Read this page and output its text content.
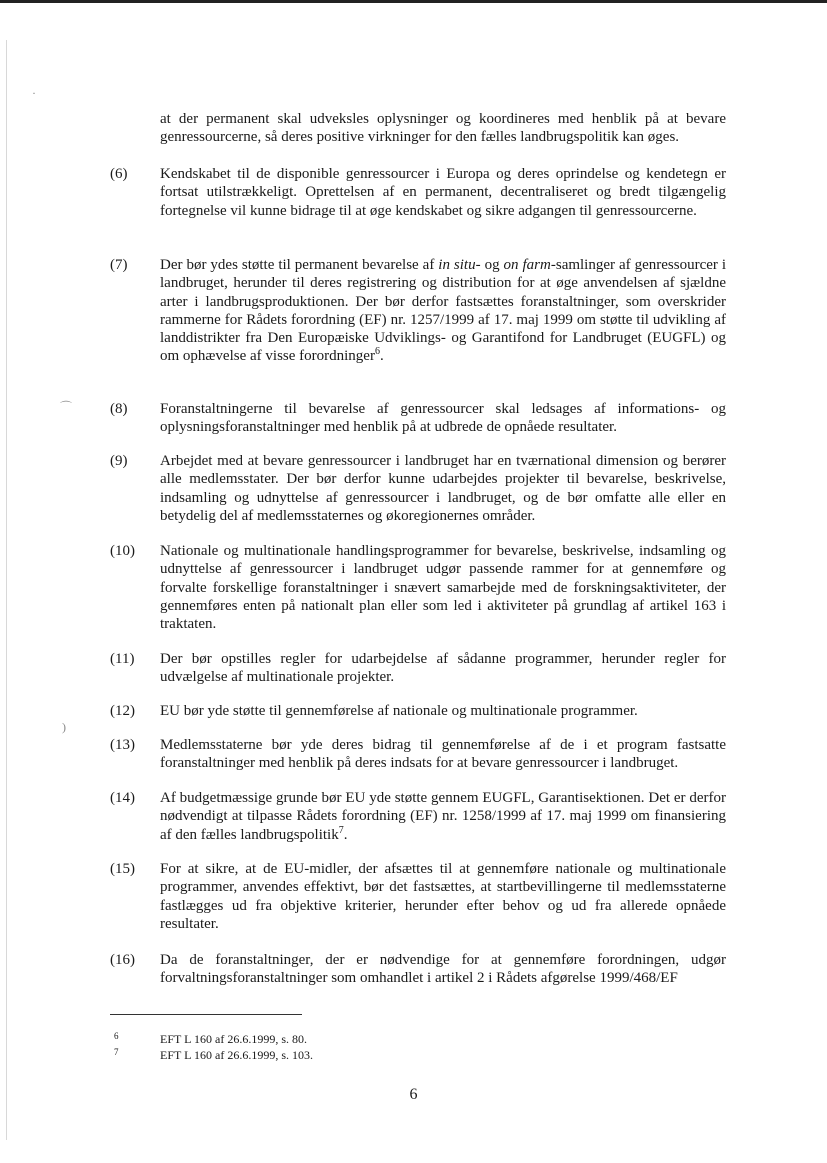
·
⌒
)
at der permanent skal udveksles oplysninger og koordineres med henblik på at bevare genressourcerne, så deres positive virkninger for den fælles landbrugspolitik kan øges.
(6)	Kendskabet til de disponible genressourcer i Europa og deres oprindelse og kendetegn er fortsat utilstrækkeligt. Oprettelsen af en permanent, decentraliseret og bredt tilgængelig fortegnelse vil kunne bidrage til at øge kendskabet og sikre adgangen til genressourcerne.
(7)	Der bør ydes støtte til permanent bevarelse af in situ- og on farm-samlinger af genressourcer i landbruget, herunder til deres registrering og distribution for at øge anvendelsen af sjældne arter i landbrugsproduktionen. Der bør derfor fastsættes foranstaltninger, som overskrider rammerne for Rådets forordning (EF) nr. 1257/1999 af 17. maj 1999 om støtte til udvikling af landdistrikter fra Den Europæiske Udviklings- og Garantifond for Landbruget (EUGFL) og om ophævelse af visse forordninger$^6$.
(8)	Foranstaltningerne til bevarelse af genressourcer skal ledsages af informations- og oplysningsforanstaltninger med henblik på at udbrede de opnåede resultater.
(9)	Arbejdet med at bevare genressourcer i landbruget har en tværnational dimension og berører alle medlemsstater. Der bør derfor kunne udarbejdes projekter til bevarelse, beskrivelse, indsamling og udnyttelse af genressourcer i landbruget, og de bør omfatte alle eller en betydelig del af medlemsstaternes og økoregionernes områder.
(10)	Nationale og multinationale handlingsprogrammer for bevarelse, beskrivelse, indsamling og udnyttelse af genressourcer i landbruget udgør passende rammer for at gennemføre og forvalte forskellige foranstaltninger i snævert samarbejde med de forskningsaktiviteter, der gennemføres enten på nationalt plan eller som led i aktiviteter på grundlag af artikel 163 i traktaten.
(11)	Der bør opstilles regler for udarbejdelse af sådanne programmer, herunder regler for udvælgelse af multinationale projekter.
(12)	EU bør yde støtte til gennemførelse af nationale og multinationale programmer.
(13)	Medlemsstaterne bør yde deres bidrag til gennemførelse af de i et program fastsatte foranstaltninger med henblik på deres indsats for at bevare genressourcer i landbruget.
(14)	Af budgetmæssige grunde bør EU yde støtte gennem EUGFL, Garantisektionen. Det er derfor nødvendigt at tilpasse Rådets forordning (EF) nr. 1258/1999 af 17. maj 1999 om finansiering af den fælles landbrugspolitik$^7$.
(15)	For at sikre, at de EU-midler, der afsættes til at gennemføre nationale og multinationale programmer, anvendes effektivt, bør det fastsættes, at startbevillingerne til medlemsstaterne fastlægges ud fra objektive kriterier, herunder efter behov og ud fra allerede opnåede resultater.
(16)	Da de foranstaltninger, der er nødvendige for at gennemføre forordningen, udgør forvaltningsforanstaltninger som omhandlet i artikel 2 i Rådets afgørelse 1999/468/EF
6	EFT L 160 af 26.6.1999, s. 80.
7	EFT L 160 af 26.6.1999, s. 103.
6
